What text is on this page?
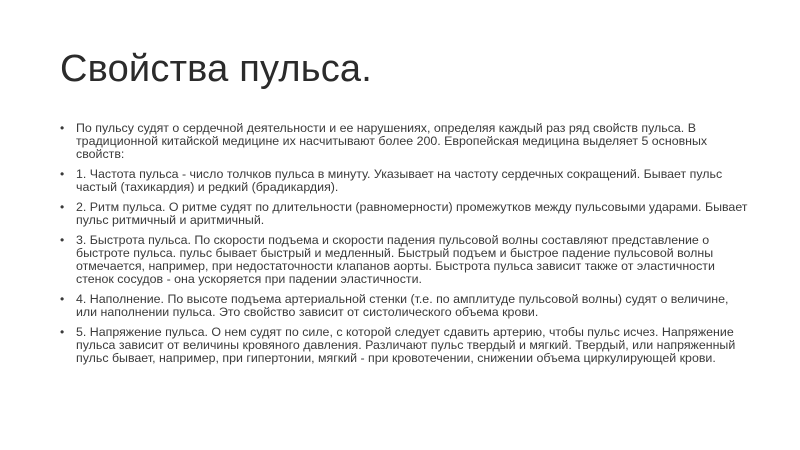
Свойства пульса.
• По пульсу судят о сердечной деятельности и ее нарушениях, определяя каждый раз ряд свойств пульса. В традиционной китайской медицине их насчитывают более 200. Европейская медицина выделяет 5 основных свойств:
• 1. Частота пульса - число толчков пульса в минуту. Указывает на частоту сердечных сокращений. Бывает пульс частый (тахикардия) и редкий (брадикардия).
• 2. Ритм пульса. О ритме судят по длительности (равномерности) промежутков между пульсовыми ударами. Бывает пульс ритмичный и аритмичный.
• 3. Быстрота пульса. По скорости подъема и скорости падения пульсовой волны составляют представление о быстроте пульса. пульс бывает быстрый и медленный. Быстрый подъем и быстрое падение пульсовой волны отмечается, например, при недостаточности клапанов аорты. Быстрота пульса зависит также от эластичности стенок сосудов - она ускоряется при падении эластичности.
• 4. Наполнение. По высоте подъема артериальной стенки (т.е. по амплитуде пульсовой волны) судят о величине, или наполнении пульса. Это свойство зависит от систолического объема крови.
• 5. Напряжение пульса. О нем судят по силе, с которой следует сдавить артерию, чтобы пульс исчез. Напряжение пульса зависит от величины кровяного давления. Различают пульс твердый и мягкий. Твердый, или напряженный пульс бывает, например, при гипертонии, мягкий - при кровотечении, снижении объема циркулирующей крови.
